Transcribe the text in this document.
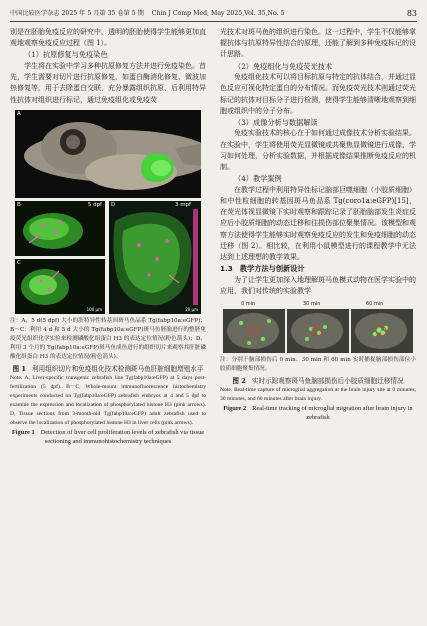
中国比较医学杂志 2025 年 5 月第 35 卷第 5 期 Chin J Comp Med, May 2025,Vol. 35,No. 5	83

别是在胚胎免疫反应的研究中，透明的胚胎使得学生能够更加直观地观察免疫反应过程（图 1）。

（1）抗原修复与免疫染色

学生将在实验中学习多种抗原修复方法并进行免疫染色。首先，学生需要对切片进行抗原修复，如蛋白酶消化修复、微波加热修复等，用于去除蛋白交联，充分暴露组织抗原，后利用特异性抗体对组织进行标记，通过免疫组化或免疫荧

A
B	5 dpf
C
100 μm
D	3 mpf
20 μm

注：A、5 d(5 dpf) 大小的肝特异性转基因斑马鱼品系 Tg(fabp10a:eGFP)；B～C：利用 4 d 和 5 d 大小的 Tg(fabp10a:eGFP)斑马鱼胚胎进行的整胚免疫荧光组织化学实验来检测磷酸化组蛋白 H3 的表达定位情况(粉色箭头)；D、利用 3 个月的 Tg(fabp10a:eGFP)斑马鱼成鱼进行的组织切片来观察其肝脏磷酸化组蛋白 H3 的表达定位情况(粉色箭头)。

图 1 利用组织切片和免疫组化技术检测斑马鱼肝脏细胞增殖水平

Note. A, Liver-specific transgenic zebrafish line Tg(fabp10a:eGFP) at 5 days post-fertilization (5 dpf). B－C, Whole-mount immunofluorescence histochemistry experiments conducted on Tg(fabp10a:eGFP) zebrafish embryos at 4 and 5 dpf to examine the expression and localization of phosphorylated histone H3 (pink arrows). D, Tissue sections from 3-month-old Tg(fabp10a:eGFP) adult zebrafish used to observe the localization of phosphorylated histone H3 in liver cells (pink arrows).

Figure 1 Detection of liver cell proliferation levels of zebrafish via tissue sectioning and immunohistochemistry techniques

光技术对斑马鱼的组织进行染色。这一过程中，学生不仅能够掌握抗体与抗原特异性结合的原理，还能了解到多种免疫标记的设计思路。

（2）免疫组化与免疫荧光技术

免疫组化技术可以将目标抗原与特定的抗体结合，并通过显色反应可视化特定蛋白的分布情况。而免疫荧光技术则通过荧光标记的抗体对目标分子进行检测，使得学生能够清晰地观察到细胞或组织中的分子分布。

（3）成像分析与数据解读

免疫实验技术的核心在于如何通过成像技术分析实验结果。在实验中，学生将使用荧光显微镜或共聚焦显微镜进行成像，学习如何处理、分析实验数据，并根据成像结果推断免疫反应的机制。

（4）教学案例

在教学过程中利用特异性标记脑部巨噬细胞（小胶质细胞）和中性粒细胞的转基因斑马鱼品系 Tg(coro1a:eGFP)[15]，在荧光体视显微镜下实时观察和跟踪记录了胚胎脑部发生炎症反应后小胶质细胞的动态迁移和往损伤部位聚集情况。该模型和观察方法使得学生能够实时观察免疫反应的发生和免疫细胞的动态迁移（图 2）。相比较，在利用小鼠模型进行的课程教学中无法达到上述理想的教学效果。

1.3　教学方法与创新设计

为了让学生更加深入地理解斑马鱼模式动物在医学实验中的应用，我们对传统的实验教学

0 min	30 min	60 min

注：分别于脑部损伤后 0 min、30 min 和 60 min 实时捕捉脑部损伤部位小胶质细胞聚集情况。

图 2 实时示踪观察斑马鱼脑部损伤后小胶质细胞迁移情况

Note. Real-time capture of microglial aggregation at the brain injury site at 0 minutes, 30 minutes, and 60 minutes after brain injury.

Figure 2 Real-time tracking of microglial migration after brain injury in zebrafish
